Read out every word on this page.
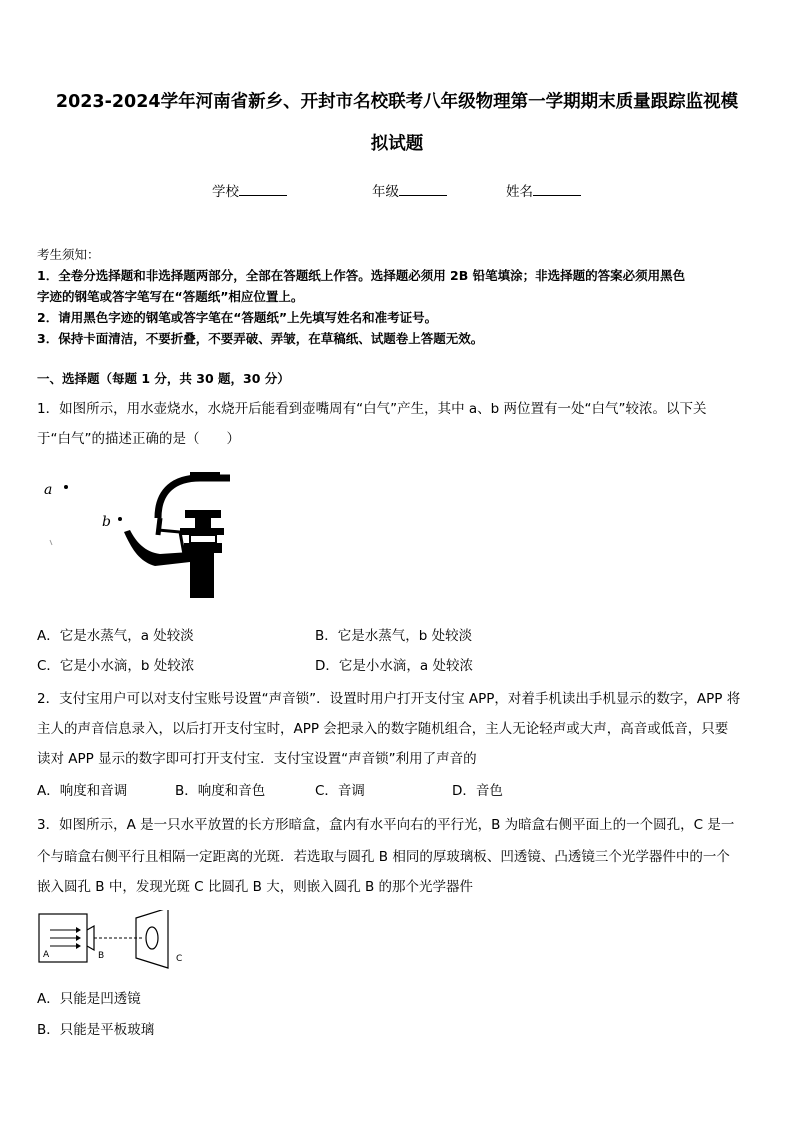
2023-2024学年河南省新乡、开封市名校联考八年级物理第一学期期末质量跟踪监视模
拟试题
学校	年级	姓名
考生须知：
1．全卷分选择题和非选择题两部分，全部在答题纸上作答。选择题必须用 2B 铅笔填涂；非选择题的答案必须用黑色
字迹的钢笔或答字笔写在“答题纸”相应位置上。
2．请用黑色字迹的钢笔或答字笔在“答题纸”上先填写姓名和准考证号。
3．保持卡面清洁，不要折叠，不要弄破、弄皱，在草稿纸、试题卷上答题无效。
一、选择题（每题 1 分，共 30 题，30 分）
1．如图所示，用水壶烧水，水烧开后能看到壶嘴周有“白气”产生，其中 a、b 两位置有一处“白气”较浓。以下关
于“白气”的描述正确的是（　　）
a
b
A．它是水蒸气，a 处较淡	B．它是水蒸气，b 处较淡
C．它是小水滴，b 处较浓	D．它是小水滴，a 处较浓
2．支付宝用户可以对支付宝账号设置“声音锁”．设置时用户打开支付宝 APP，对着手机读出手机显示的数字，APP 将
主人的声音信息录入，以后打开支付宝时，APP 会把录入的数字随机组合，主人无论轻声或大声，高音或低音，只要
读对 APP 显示的数字即可打开支付宝．支付宝设置“声音锁”利用了声音的
A．响度和音调	B．响度和音色	C．音调	D．音色
3．如图所示，A 是一只水平放置的长方形暗盒，盒内有水平向右的平行光，B 为暗盒右侧平面上的一个圆孔，C 是一
个与暗盒右侧平行且相隔一定距离的光斑．若选取与圆孔 B 相同的厚玻璃板、凹透镜、凸透镜三个光学器件中的一个
嵌入圆孔 B 中，发现光斑 C 比圆孔 B 大，则嵌入圆孔 B 的那个光学器件
A	B	C
A．只能是凹透镜
B．只能是平板玻璃
